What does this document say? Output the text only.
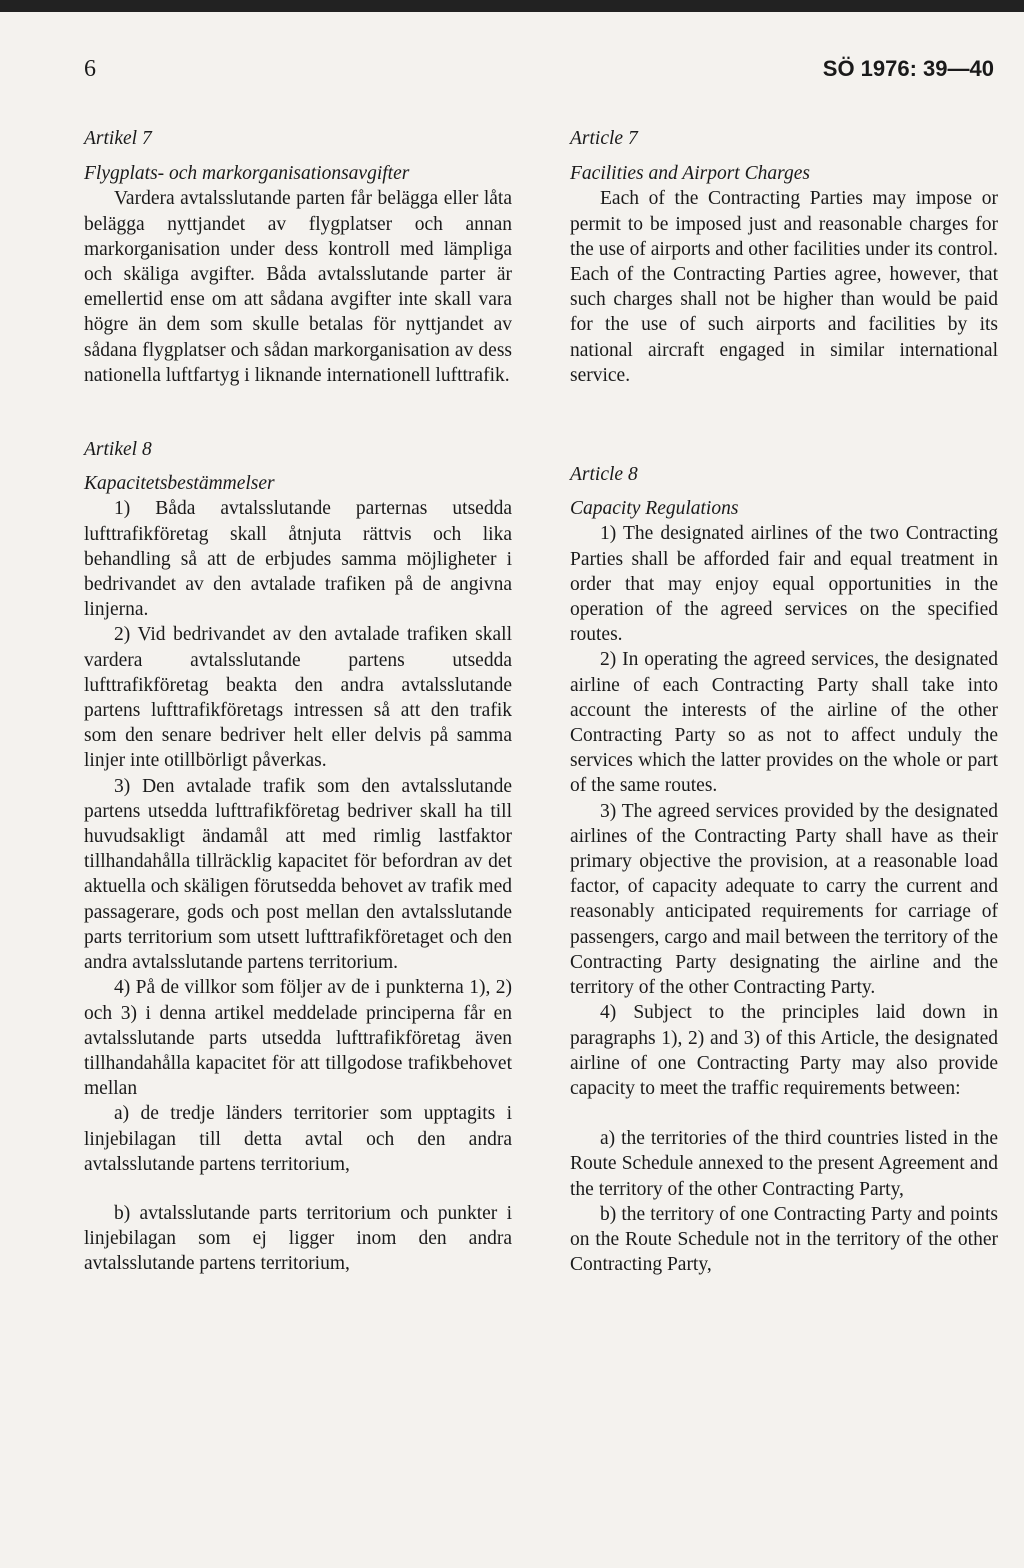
6	SÖ 1976: 39—40
Artikel 7
Flygplats- och markorganisationsavgifter

Vardera avtalsslutande parten får belägga eller låta belägga nyttjandet av flygplatser och annan markorganisation under dess kontroll med lämpliga och skäliga avgifter. Båda avtalsslutande parter är emellertid ense om att sådana avgifter inte skall vara högre än dem som skulle betalas för nyttjandet av sådana flygplatser och sådan markorganisation av dess nationella luftfartyg i liknande internationell lufttrafik.

Artikel 8
Kapacitetsbestämmelser

1) Båda avtalsslutande parternas utsedda lufttrafikföretag skall åtnjuta rättvis och lika behandling så att de erbjudes samma möjligheter i bedrivandet av den avtalade trafiken på de angivna linjerna.

2) Vid bedrivandet av den avtalade trafiken skall vardera avtalsslutande partens utsedda lufttrafikföretag beakta den andra avtalsslutande partens lufttrafikföretags intressen så att den trafik som den senare bedriver helt eller delvis på samma linjer inte otillbörligt påverkas.

3) Den avtalade trafik som den avtalsslutande partens utsedda lufttrafikföretag bedriver skall ha till huvudsakligt ändamål att med rimlig lastfaktor tillhandahålla tillräcklig kapacitet för befordran av det aktuella och skäligen förutsedda behovet av trafik med passagerare, gods och post mellan den avtalsslutande parts territorium som utsett lufttrafikföretaget och den andra avtalsslutande partens territorium.

4) På de villkor som följer av de i punkterna 1), 2) och 3) i denna artikel meddelade principerna får en avtalsslutande parts utsedda lufttrafikföretag även tillhandahålla kapacitet för att tillgodose trafikbehovet mellan

a) de tredje länders territorier som upptagits i linjebilagan till detta avtal och den andra avtalsslutande partens territorium,

b) avtalsslutande parts territorium och punkter i linjebilagan som ej ligger inom den andra avtalsslutande partens territorium,

Article 7
Facilities and Airport Charges

Each of the Contracting Parties may impose or permit to be imposed just and reasonable charges for the use of airports and other facilities under its control. Each of the Contracting Parties agree, however, that such charges shall not be higher than would be paid for the use of such airports and facilities by its national aircraft engaged in similar international service.

Article 8
Capacity Regulations

1) The designated airlines of the two Contracting Parties shall be afforded fair and equal treatment in order that may enjoy equal opportunities in the operation of the agreed services on the specified routes.

2) In operating the agreed services, the designated airline of each Contracting Party shall take into account the interests of the airline of the other Contracting Party so as not to affect unduly the services which the latter provides on the whole or part of the same routes.

3) The agreed services provided by the designated airlines of the Contracting Party shall have as their primary objective the provision, at a reasonable load factor, of capacity adequate to carry the current and reasonably anticipated requirements for carriage of passengers, cargo and mail between the territory of the Contracting Party designating the airline and the territory of the other Contracting Party.

4) Subject to the principles laid down in paragraphs 1), 2) and 3) of this Article, the designated airline of one Contracting Party may also provide capacity to meet the traffic requirements between:

a) the territories of the third countries listed in the Route Schedule annexed to the present Agreement and the territory of the other Contracting Party,

b) the territory of one Contracting Party and points on the Route Schedule not in the territory of the other Contracting Party,
